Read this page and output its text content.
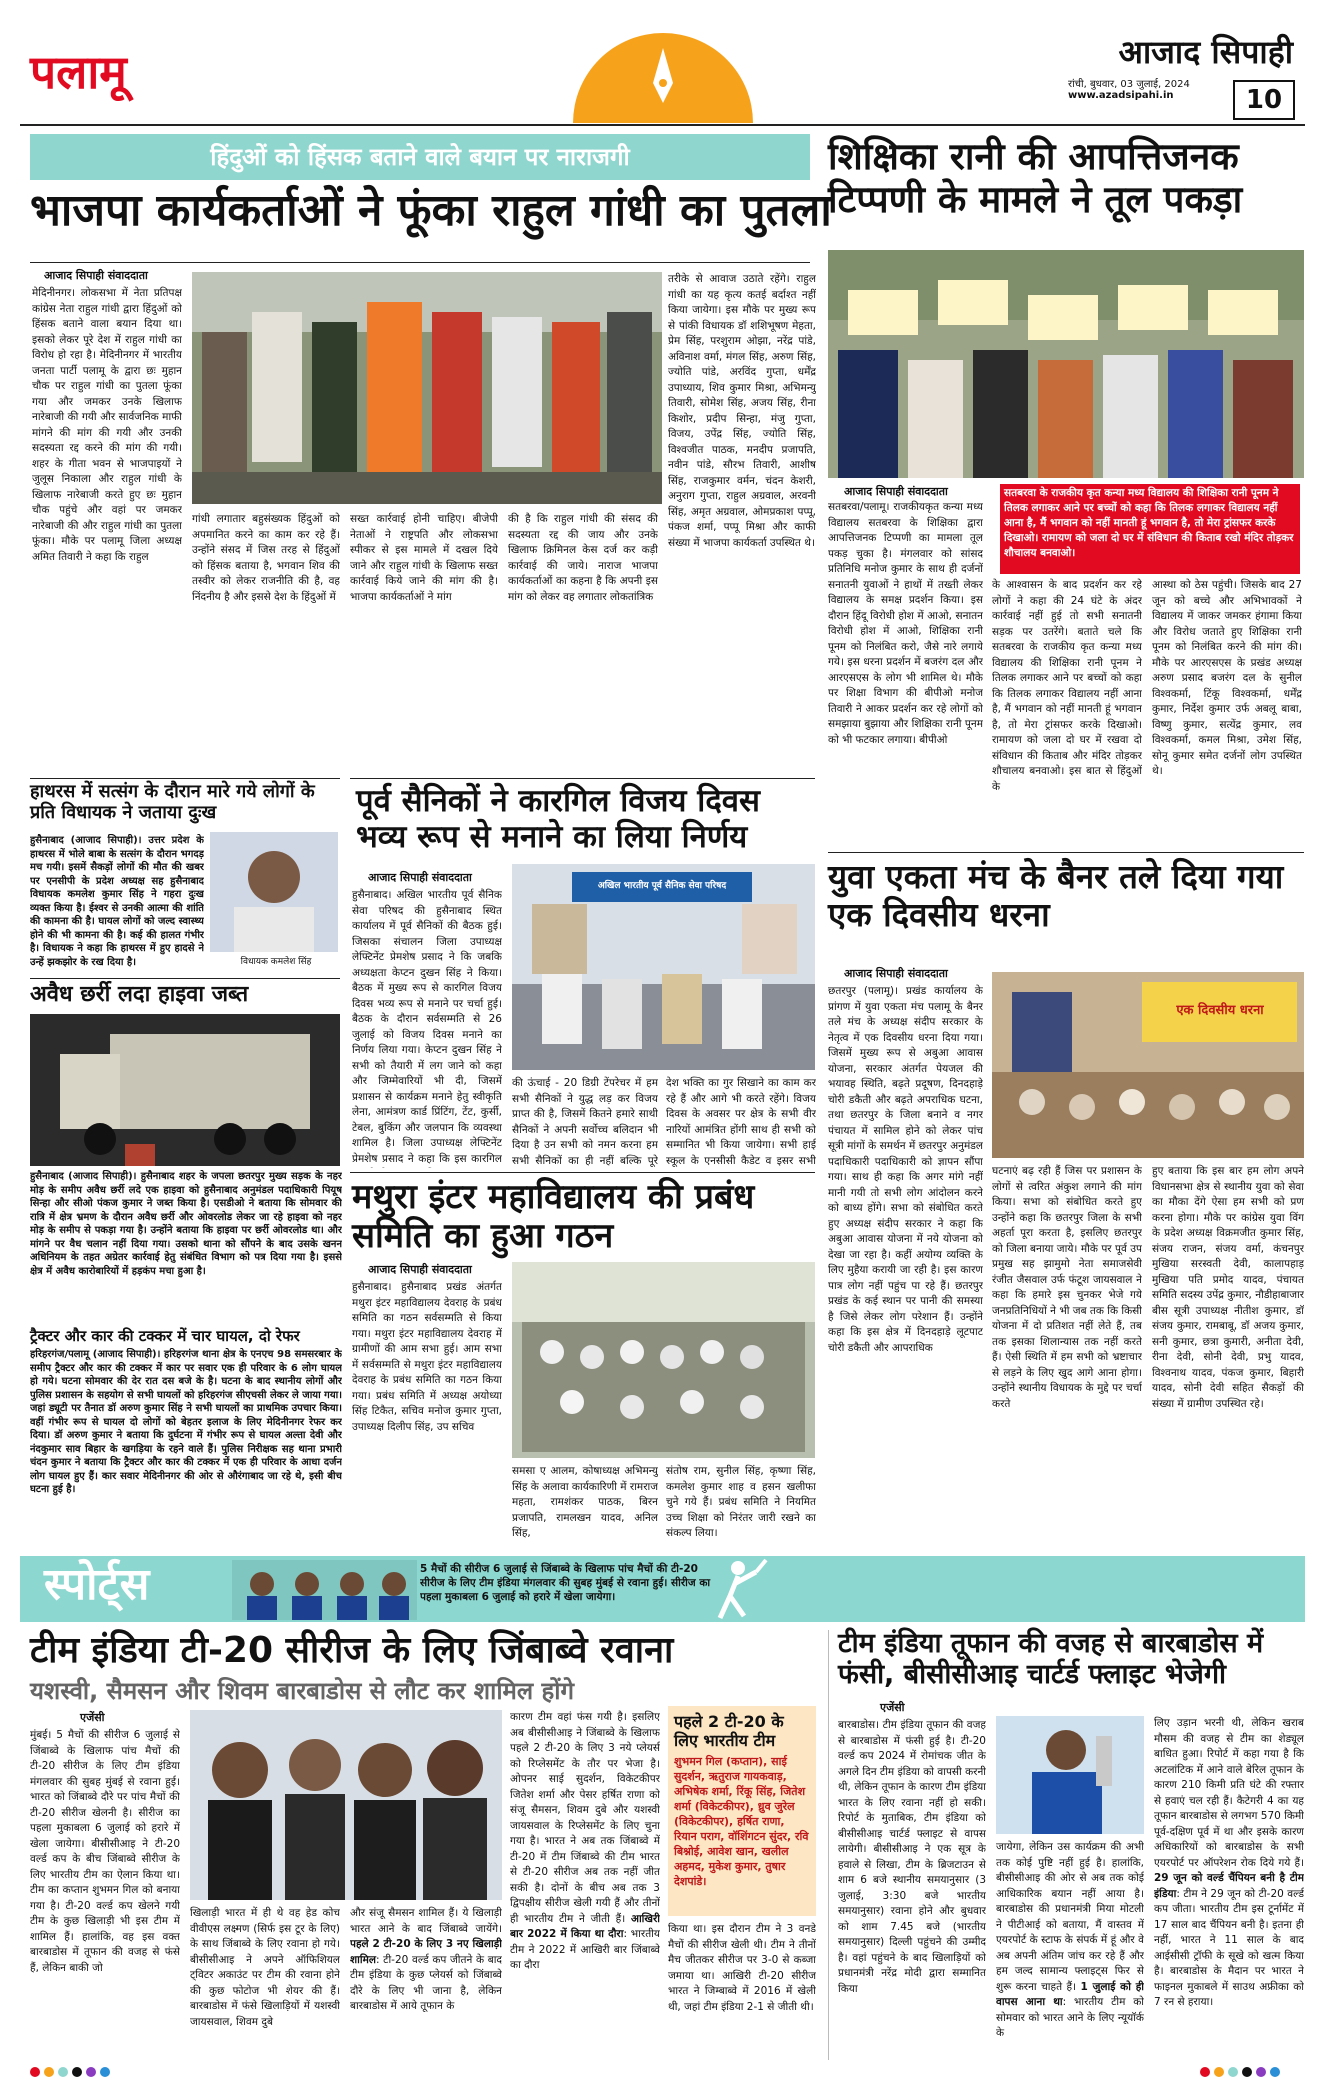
पलामू	आजाद सिपाही
रांची, बुधवार, 03 जुलाई, 2024
www.azadsipahi.in	10
हिंदुओं को हिंसक बताने वाले बयान पर नाराजगी
भाजपा कार्यकर्ताओं ने फूंका राहुल गांधी का पुतला
आजाद सिपाही संवाददाता
मेदिनीनगर। लोकसभा में नेता प्रतिपक्ष कांग्रेस नेता राहुल गांधी द्वारा हिंदुओं को हिंसक बताने वाला बयान दिया था। इसको लेकर पूरे देश में राहुल गांधी का विरोध हो रहा है। मेदिनीनगर में भारतीय जनता पार्टी पलामू के द्वारा छः मुहान चौक पर राहुल गांधी का पुतला फूंका गया और जमकर उनके खिलाफ नारेबाजी की गयी और सार्वजनिक माफी मांगने की मांग की गयी और उनकी सदस्यता रद्द करने की मांग की गयी। शहर के गीता भवन से भाजपाइयों ने जुलूस निकाला और राहुल गांधी के खिलाफ नारेबाजी करते हुए छः मुहान चौक पहुंचे और वहां पर जमकर नारेबाजी की और राहुल गांधी का पुतला फूंका। मौके पर पलामू जिला अध्यक्ष अमित तिवारी ने कहा कि राहुल
गांधी लगातार बहुसंख्यक हिंदुओं को अपमानित करने का काम कर रहे हैं। उन्होंने संसद में जिस तरह से हिंदुओं को हिंसक बताया है, भगवान शिव की तस्वीर को लेकर राजनीति की है, वह निंदनीय है और इससे देश के हिंदुओं में
सख्त कार्रवाई होनी चाहिए। बीजेपी नेताओं ने राष्ट्रपति और लोकसभा स्पीकर से इस मामले में दखल दिये जाने और राहुल गांधी के खिलाफ सख्त कार्रवाई किये जाने की मांग की है। भाजपा कार्यकर्ताओं ने मांग
की है कि राहुल गांधी की संसद की सदस्यता रद्द की जाय और उनके खिलाफ क्रिमिनल केस दर्ज कर कड़ी कार्रवाई की जाये। नाराज भाजपा कार्यकर्ताओं का कहना है कि अपनी इस मांग को लेकर वह लगातार लोकतांत्रिक
तरीके से आवाज उठाते रहेंगे। राहुल गांधी का यह कृत्य कतई बर्दाश्त नहीं किया जायेगा। इस मौके पर मुख्य रूप से पांकी विधायक डॉ शशिभूषण मेहता, प्रेम सिंह, परशुराम ओझा, नरेंद्र पांडे, अविनाश वर्मा, मंगल सिंह, अरुण सिंह, ज्योति पांडे, अरविंद गुप्ता, धर्मेंद्र उपाध्याय, शिव कुमार मिश्रा, अभिमन्यु तिवारी, सोमेश सिंह, अजय सिंह, रीना किशोर, प्रदीप सिन्हा, मंजु गुप्ता, विजय, उपेंद्र सिंह, ज्योति सिंह, विश्वजीत पाठक, मनदीप प्रजापति, नवीन पांडे, सौरभ तिवारी, आशीष सिंह, राजकुमार वर्मन, चंदन केशरी, अनुराग गुप्ता, राहुल अग्रवाल, अरवनी सिंह, अमृत अग्रवाल, ओमप्रकाश पप्पू, पंकज शर्मा, पप्पू मिश्रा और काफी संख्या में भाजपा कार्यकर्ता उपस्थित थे।
शिक्षिका रानी की आपत्तिजनक टिप्पणी के मामले ने तूल पकड़ा
आजाद सिपाही संवाददाता	सतबरवा के राजकीय कृत कन्या मध्य विद्यालय की शिक्षिका रानी पूनम ने तिलक लगाकर आने पर बच्चों को कहा कि तिलक लगाकर विद्यालय नहीं आना है, मैं भगवान को नहीं मानती हूं भगवान है, तो मेरा ट्रांसफर करके दिखाओ। रामायण को जला दो घर में संविधान की किताब रखो मंदिर तोड़कर शौचालय बनवाओ।
सतबरवा/पलामू। राजकीयकृत कन्या मध्य विद्यालय सतबरवा के शिक्षिका द्वारा आपत्तिजनक टिप्पणी का मामला तूल पकड़ चुका है। मंगलवार को सांसद प्रतिनिधि मनोज कुमार के साथ ही दर्जनों सनातनी युवाओं ने हाथों में तख्ती लेकर विद्यालय के समक्ष प्रदर्शन किया। इस दौरान हिंदू विरोधी होश में आओ, सनातन विरोधी होश में आओ, शिक्षिका रानी पूनम को निलंबित करो, जैसे नारे लगाये गये। इस धरना प्रदर्शन में बजरंग दल और आरएसएस के लोग भी शामिल थे। मौके पर शिक्षा विभाग की बीपीओ मनोज तिवारी ने आकर प्रदर्शन कर रहे लोगों को समझाया बुझाया और शिक्षिका रानी पूनम को भी फटकार लगाया। बीपीओ
के आश्वासन के बाद प्रदर्शन कर रहे लोगों ने कहा की 24 घंटे के अंदर कार्रवाई नहीं हुई तो सभी सनातनी सड़क पर उतरेंगे। बताते चले कि सतबरवा के राजकीय कृत कन्या मध्य विद्यालय की शिक्षिका रानी पूनम ने तिलक लगाकर आने पर बच्चों को कहा कि तिलक लगाकर विद्यालय नहीं आना है, मैं भगवान को नहीं मानती हूं भगवान है, तो मेरा ट्रांसफर करके दिखाओ। रामायण को जला दो घर में रखवा दो संविधान की किताब और मंदिर तोड़कर शौचालय बनवाओ। इस बात से हिंदुओं के
आस्था को ठेस पहुंची। जिसके बाद 27 जून को बच्चे और अभिभावकों ने विद्यालय में जाकर जमकर हंगामा किया और विरोध जताते हुए शिक्षिका रानी पूनम को निलंबित करने की मांग की। मौके पर आरएसएस के प्रखंड अध्यक्ष अरुण प्रसाद बजरंग दल के सुनील विश्वकर्मा, टिंकू विश्वकर्मा, धर्मेंद्र कुमार, निर्देश कुमार उर्फ अबलू बाबा, विष्णु कुमार, सत्येंद्र कुमार, लव विश्वकर्मा, कमल मिश्रा, उमेश सिंह, सोनू कुमार समेत दर्जनों लोग उपस्थित थे।
हाथरस में सत्संग के दौरान मारे गये लोगों के प्रति विधायक ने जताया दुःख
विधायक कमलेश सिंह
हुसैनाबाद (आजाद सिपाही)। उत्तर प्रदेश के हाथरस में भोले बाबा के सत्संग के दौरान भगदड़ मच गयी। इसमें सैकड़ों लोगों की मौत की खबर पर एनसीपी के प्रदेश अध्यक्ष सह हुसैनाबाद विधायक कमलेश कुमार सिंह ने गहरा दुःख व्यक्त किया है। ईश्वर से उनकी आत्मा की शांति की कामना की है। घायल लोगों को जल्द स्वास्थ्य होने की भी कामना की है। कई की हालत गंभीर है। विधायक ने कहा कि हाथरस में हुए हादसे ने उन्हें झकझोर के रख दिया है।
अवैध छर्री लदा हाइवा जब्त
हुसैनाबाद (आजाद सिपाही)। हुसैनाबाद शहर के जपला छतरपुर मुख्य सड़क के नहर मोड़ के समीप अवैध छर्री लदे एक हाइवा को हुसैनाबाद अनुमंडल पदाधिकारी पियूष सिन्हा और सीओ पंकज कुमार ने जब्त किया है। एसडीओ ने बताया कि सोमवार की रात्रि में क्षेत्र भ्रमण के दौरान अवैध छर्री और ओवरलोड लेकर जा रहे हाइवा को नहर मोड़ के समीप से पकड़ा गया है। उन्होंने बताया कि हाइवा पर छर्री ओवरलोड था। और मांगने पर वैध चलान नहीं दिया गया। उसको थाना को सौंपने के बाद उसके खनन अधिनियम के तहत अग्रेतर कार्रवाई हेतु संबंधित विभाग को पत्र दिया गया है। इससे क्षेत्र में अवैध कारोबारियों में हड़कंप मचा हुआ है।
ट्रैक्टर और कार की टक्कर में चार घायल, दो रेफर
हरिहरगंज/पलामू (आजाद सिपाही)। हरिहरगंज थाना क्षेत्र के एनएच 98 समसरबार के समीप ट्रैक्टर और कार की टक्कर में कार पर सवार एक ही परिवार के 6 लोग घायल हो गये। घटना सोमवार की देर रात दस बजे के है। घटना के बाद स्थानीय लोगों और पुलिस प्रशासन के सहयोग से सभी घायलों को हरिहरगंज सीएचसी लेकर ले जाया गया। जहां ड्यूटी पर तैनात डॉ अरुण कुमार सिंह ने सभी घायलों का प्राथमिक उपचार किया। वहीं गंभीर रूप से घायल दो लोगों को बेहतर इलाज के लिए मेदिनीनगर रेफर कर दिया। डॉ अरुण कुमार ने बताया कि दुर्घटना में गंभीर रूप से घायल अल्ता देवी और नंदकुमार साव बिहार के खगड़िया के रहने वाले हैं। पुलिस निरीक्षक सह थाना प्रभारी चंदन कुमार ने बताया कि ट्रैक्टर और कार की टक्कर में एक ही परिवार के आधा दर्जन लोग घायल हुए हैं। कार सवार मेदिनीनगर की ओर से औरंगाबाद जा रहे थे, इसी बीच घटना हुई है।
पूर्व सैनिकों ने कारगिल विजय दिवस भव्य रूप से मनाने का लिया निर्णय
आजाद सिपाही संवाददाता
हुसैनाबाद। अखिल भारतीय पूर्व सैनिक सेवा परिषद की हुसैनाबाद स्थित कार्यालय में पूर्व सैनिकों की बैठक हुई। जिसका संचालन जिला उपाध्यक्ष लेफ्टिनेंट प्रेमशेष प्रसाद ने कि जबकि अध्यक्षता केप्टन दुखन सिंह ने किया। बैठक में मुख्य रूप से कारगिल विजय दिवस भव्य रूप से मनाने पर चर्चा हुई। बैठक के दौरान सर्वसम्मति से 26 जुलाई को विजय दिवस मनाने का निर्णय लिया गया। केप्टन दुखन सिंह ने सभी को तैयारी में लग जाने को कहा और जिम्मेवारियों भी दी, जिसमें प्रशासन से कार्यक्रम मनाने हेतु स्वीकृति लेना, आमंत्रण कार्ड प्रिंटिंग, टेंट, कुर्सी, टेबल, बुकिंग और जलपान कि व्यवस्था शामिल है। जिला उपाध्यक्ष लेफ्टिनेंट प्रेमशेष प्रसाद ने कहा कि इस कारगिल
अखिल भारतीय पूर्व सैनिक सेवा परिषद
की ऊंचाई - 20 डिग्री टेंपरेचर में हम सभी सैनिकों ने युद्ध लड़ कर विजय प्राप्त की है, जिसमें कितने हमारे साथी सैनिकों ने अपनी सर्वोच्च बलिदान भी दिया है उन सभी को नमन करना हम सभी सैनिकों का ही नहीं बल्कि पूरे
देश भक्ति का गुर सिखाने का काम कर रहे हैं और आगे भी करते रहेंगे। विजय दिवस के अवसर पर क्षेत्र के सभी वीर नारियों आमंत्रित होंगी साथ ही सभी को सम्मानित भी किया जायेगा। सभी हाई स्कूल के एनसीसी कैडेट व इसर सभी
मथुरा इंटर महाविद्यालय की प्रबंध समिति का हुआ गठन
आजाद सिपाही संवाददाता
हुसैनाबाद। हुसैनाबाद प्रखंड अंतर्गत मथुरा इंटर महाविद्यालय देवराह के प्रबंध समिति का गठन सर्वसम्मति से किया गया। मथुरा इंटर महाविद्यालय देवराह में ग्रामीणों की आम सभा हुई। आम सभा में सर्वसम्मति से मथुरा इंटर महाविद्यालय देवराह के प्रबंध समिति का गठन किया गया। प्रबंध समिति में अध्यक्ष अयोध्या सिंह टिकैत, सचिव मनोज कुमार गुप्ता, उपाध्यक्ष दिलीप सिंह, उप सचिव
समसा ए आलम, कोषाध्यक्ष अभिमन्यु सिंह के अलावा कार्यकारिणी में रामराज महता, रामशंकर पाठक, बिरन प्रजापति, रामलखन यादव, अनिल सिंह,
संतोष राम, सुनील सिंह, कृष्णा सिंह, कमलेश कुमार शाह व हसन खलीफा चुने गये हैं। प्रबंध समिति ने नियमित उच्च शिक्षा को निरंतर जारी रखने का संकल्प लिया।
युवा एकता मंच के बैनर तले दिया गया एक दिवसीय धरना
आजाद सिपाही संवाददाता
छतरपुर (पलामू)। प्रखंड कार्यालय के प्रांगण में युवा एकता मंच पलामू के बैनर तले मंच के अध्यक्ष संदीप सरकार के नेतृत्व में एक दिवसीय धरना दिया गया। जिसमें मुख्य रूप से अबुआ आवास योजना, सरकार अंतर्गत पेयजल की भयावह स्थिति, बढ़ते प्रदूषण, दिनदहाड़े चोरी डकैती और बढ़ते अपराधिक घटना, तथा छतरपुर के जिला बनाने व नगर पंचायत में सामिल होने को लेकर पांच सूत्री मांगों के समर्थन में छतरपुर अनुमंडल पदाधिकारी पदाधिकारी को ज्ञापन सौंपा गया। साथ ही कहा कि अगर मांगे नहीं मानी गयी तो सभी लोग आंदोलन करने को बाध्य होंगे। सभा को संबोधित करते हुए अध्यक्ष संदीप सरकार ने कहा कि अबुआ आवास योजना में नये योजना को देखा जा रहा है। कहीं अयोग्य व्यक्ति के लिए मुहैया करायी जा रही है। इस कारण पात्र लोग नहीं पहुंच पा रहे हैं। छतरपुर प्रखंड के कई स्थान पर पानी की समस्या है जिसे लेकर लोग परेशान हैं। उन्होंने कहा कि इस क्षेत्र में दिनदहाड़े लूटपाट चोरी डकैती और आपराधिक
एक दिवसीय धरना
घटनाएं बढ़ रही हैं जिस पर प्रशासन के लोगों से त्वरित अंकुश लगाने की मांग किया। सभा को संबोधित करते हुए उन्होंने कहा कि छतरपुर जिला के सभी अहर्ता पूरा करता है, इसलिए छतरपुर को जिला बनाया जाये। मौके पर पूर्व उप प्रमुख सह झामुमो नेता समाजसेवी रंजीत जैसवाल उर्फ फंटूश जायसवाल ने कहा कि हमारे इस चुनकर भेजे गये जनप्रतिनिधियों ने भी जब तक कि किसी योजना में दो प्रतिशत नहीं लेते हैं, तब तक इसका शिलान्यास तक नहीं करते हैं। ऐसी स्थिति में हम सभी को भ्रष्टाचार से लड़ने के लिए खुद आगे आना होगा। उन्होंने स्थानीय विधायक के मुद्दे पर चर्चा करते
हुए बताया कि इस बार हम लोग अपने विधानसभा क्षेत्र से स्थानीय युवा को सेवा का मौका देंगे ऐसा हम सभी को प्रण करना होगा। मौके पर कांग्रेस युवा विंग के प्रदेश अध्यक्ष विक्रमजीत कुमार सिंह, संजय राजन, संजय वर्मा, कंचनपुर मुखिया सरस्वती देवी, कालापहाड़ मुखिया पति प्रमोद यादव, पंचायत समिति सदस्य उपेंद्र कुमार, नौडीहाबाजार बीस सूत्री उपाध्यक्ष नीतीश कुमार, डॉ संजय कुमार, रामबाबू, डॉ अजय कुमार, सनी कुमार, छत्रा कुमारी, अनीता देवी, रीना देवी, सोनी देवी, प्रभु यादव, विश्वनाथ यादव, पंकज कुमार, बिहारी यादव, सोनी देवी सहित सैकड़ों की संख्या में ग्रामीण उपस्थित रहे।
स्पोर्ट्स	5 मैचों की सीरीज 6 जुलाई से जिंबाब्वे के खिलाफ पांच मैचों की टी-20 सीरीज के लिए टीम इंडिया मंगलवार की सुबह मुंबई से रवाना हुई। सीरीज का पहला मुकाबला 6 जुलाई को हरारे में खेला जायेगा।
टीम इंडिया टी-20 सीरीज के लिए जिंबाब्वे रवाना
यशस्वी, सैमसन और शिवम बारबाडोस से लौट कर शामिल होंगे
एजेंसी
मुंबई। 5 मैचों की सीरीज 6 जुलाई से जिंबाब्वे के खिलाफ पांच मैचों की टी-20 सीरीज के लिए टीम इंडिया मंगलवार की सुबह मुंबई से रवाना हुई। भारत को जिंबाब्वे दौरे पर पांच मैचों की टी-20 सीरीज खेलनी है। सीरीज का पहला मुकाबला 6 जुलाई को हरारे में खेला जायेगा। बीसीसीआइ ने टी-20 वर्ल्ड कप के बीच जिंबाब्वे सीरीज के लिए भारतीय टीम का ऐलान किया था। टीम का कप्तान शुभमन गिल को बनाया गया है। टी-20 वर्ल्ड कप खेलने गयी टीम के कुछ खिलाड़ी भी इस टीम में शामिल हैं। हालांकि, वह इस वक्त बारबाडोस में तूफान की वजह से फंसे हैं, लेकिन बाकी जो
खिलाड़ी भारत में ही थे वह हेड कोच वीवीएस लक्ष्मण (सिर्फ इस टूर के लिए) के साथ जिंबाब्वे के लिए रवाना हो गये। बीसीसीआइ ने अपने ऑफिशियल ट्विटर अकाउंट पर टीम की रवाना होने की कुछ फोटोज भी शेयर की हैं। बारबाडोस में फंसे खिलाड़ियों में यशस्वी जायसवाल, शिवम दुबे
और संजू सैमसन शामिल हैं। ये खिलाड़ी भारत आने के बाद जिंबाब्वे जायेंगे। पहले 2 टी-20 के लिए 3 नए खिलाड़ी शामिल: टी-20 वर्ल्ड कप जीतने के बाद टीम इंडिया के कुछ प्लेयर्स को जिंबाब्वे दौरे के लिए भी जाना है, लेकिन बारबाडोस में आये तूफान के
कारण टीम वहां फंस गयी है। इसलिए अब बीसीसीआइ ने जिंबाब्वे के खिलाफ पहले 2 टी-20 के लिए 3 नये प्लेयर्स को रिप्लेसमेंट के तौर पर भेजा है। ओपनर साई सुदर्शन, विकेटकीपर जितेश शर्मा और पेसर हर्षित राणा को संजू सैमसन, शिवम दुबे और यशस्वी जायसवाल के रिप्लेसमेंट के लिए चुना गया है। भारत ने अब तक जिंबाब्वे में टी-20 में टीम जिंबाब्वे की टीम भारत से टी-20 सीरीज अब तक नहीं जीत सकी है। दोनों के बीच अब तक 3 द्विपक्षीय सीरीज खेली गयी हैं और तीनों ही भारतीय टीम ने जीती हैं। आखिरी बार 2022 में किया था दौरा: भारतीय टीम ने 2022 में आखिरी बार जिंबाब्वे का दौरा
पहले 2 टी-20 के लिए भारतीय टीम
शुभमन गिल (कप्तान), साई सुदर्शन, ऋतुराज गायकवाड़, अभिषेक शर्मा, रिंकू सिंह, जितेश शर्मा (विकेटकीपर), ध्रुव जुरेल (विकेटकीपर), हर्षित राणा, रियान पराग, वॉशिंगटन सुंदर, रवि बिश्नोई, आवेश खान, खलील अहमद, मुकेश कुमार, तुषार देशपांडे।
किया था। इस दौरान टीम ने 3 वनडे मैचों की सीरीज खेली थी। टीम ने तीनों मैच जीतकर सीरीज पर 3-0 से कब्जा जमाया था। आखिरी टी-20 सीरीज भारत ने जिम्बाब्वे में 2016 में खेली थी, जहां टीम इंडिया 2-1 से जीती थी।
टीम इंडिया तूफान की वजह से बारबाडोस में फंसी, बीसीसीआइ चार्टर्ड फ्लाइट भेजेगी
एजेंसी
बारबाडोस। टीम इंडिया तूफान की वजह से बारबाडोस में फंसी हुई है। टी-20 वर्ल्ड कप 2024 में रोमांचक जीत के अगले दिन टीम इंडिया को वापसी करनी थी, लेकिन तूफान के कारण टीम इंडिया भारत के लिए रवाना नहीं हो सकी। रिपोर्ट के मुताबिक, टीम इंडिया को बीसीसीआइ चार्टर्ड फ्लाइट से वापस लायेगी। बीसीसीआइ ने एक सूत्र के हवाले से लिखा, टीम के ब्रिजटाउन से शाम 6 बजे स्थानीय समयानुसार (3 जुलाई, 3:30 बजे भारतीय समयानुसार) रवाना होने और बुधवार को शाम 7.45 बजे (भारतीय समयानुसार) दिल्ली पहुंचने की उम्मीद है। वहां पहुंचने के बाद खिलाड़ियों को प्रधानमंत्री नरेंद्र मोदी द्वारा सम्मानित किया
जायेगा, लेकिन उस कार्यक्रम की अभी तक कोई पुष्टि नहीं हुई है। हालांकि, बीसीसीआइ की ओर से अब तक कोई आधिकारिक बयान नहीं आया है। बारबाडोस की प्रधानमंत्री मिया मोटली ने पीटीआई को बताया, मैं वास्तव में एयरपोर्ट के स्टाफ के संपर्क में हूं और वे अब अपनी अंतिम जांच कर रहे हैं और हम जल्द सामान्य फ्लाइट्स फिर से शुरू करना चाहते हैं। 1 जुलाई को ही वापस आना था: भारतीय टीम को सोमवार को भारत आने के लिए न्यूयॉर्क के
लिए उड़ान भरनी थी, लेकिन खराब मौसम की वजह से टीम का शेड्यूल बाधित हुआ। रिपोर्ट में कहा गया है कि अटलांटिक में आने वाले बेरिल तूफान के कारण 210 किमी प्रति घंटे की रफ्तार से हवाएं चल रही हैं। कैटेगरी 4 का यह तूफान बारबाडोस से लगभग 570 किमी पूर्व-दक्षिण पूर्व में था और इसके कारण अधिकारियों को बारबाडोस के सभी एयरपोर्ट पर ऑपरेशन रोक दिये गये हैं। 29 जून को वर्ल्ड चैंपियन बनी है टीम इंडिया: टीम ने 29 जून को टी-20 वर्ल्ड कप जीता। भारतीय टीम इस टूर्नामेंट में 17 साल बाद चैंपियन बनी है। इतना ही नहीं, भारत ने 11 साल के बाद आईसीसी ट्रॉफी के सूखे को खत्म किया है। बारबाडोस के मैदान पर भारत ने फाइनल मुकाबले में साउथ अफ्रीका को 7 रन से हराया।
